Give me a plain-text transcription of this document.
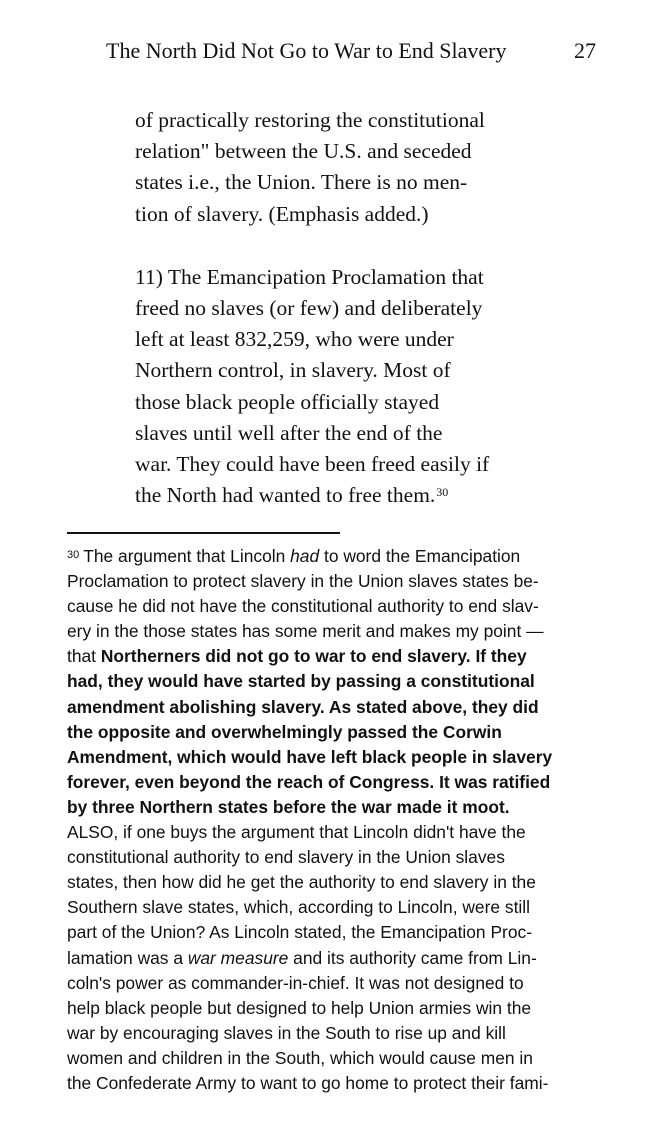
The North Did Not Go to War to End Slavery	27
of practically restoring the constitutional
relation" between the U.S. and seceded
states i.e., the Union. There is no men-
tion of slavery. (Emphasis added.)
11) The Emancipation Proclamation that
freed no slaves (or few) and deliberately
left at least 832,259, who were under
Northern control, in slavery. Most of
those black people officially stayed
slaves until well after the end of the
war. They could have been freed easily if
the North had wanted to free them.$^{30}$
$^{30}$ The argument that Lincoln had to word the Emancipation
Proclamation to protect slavery in the Union slaves states be-
cause he did not have the constitutional authority to end slav-
ery in the those states has some merit and makes my point —
that Northerners did not go to war to end slavery. If they
had, they would have started by passing a constitutional
amendment abolishing slavery. As stated above, they did
the opposite and overwhelmingly passed the Corwin
Amendment, which would have left black people in slavery
forever, even beyond the reach of Congress. It was ratified
by three Northern states before the war made it moot.
ALSO, if one buys the argument that Lincoln didn't have the
constitutional authority to end slavery in the Union slaves
states, then how did he get the authority to end slavery in the
Southern slave states, which, according to Lincoln, were still
part of the Union? As Lincoln stated, the Emancipation Proc-
lamation was a war measure and its authority came from Lin-
coln's power as commander-in-chief. It was not designed to
help black people but designed to help Union armies win the
war by encouraging slaves in the South to rise up and kill
women and children in the South, which would cause men in
the Confederate Army to want to go home to protect their fami-
